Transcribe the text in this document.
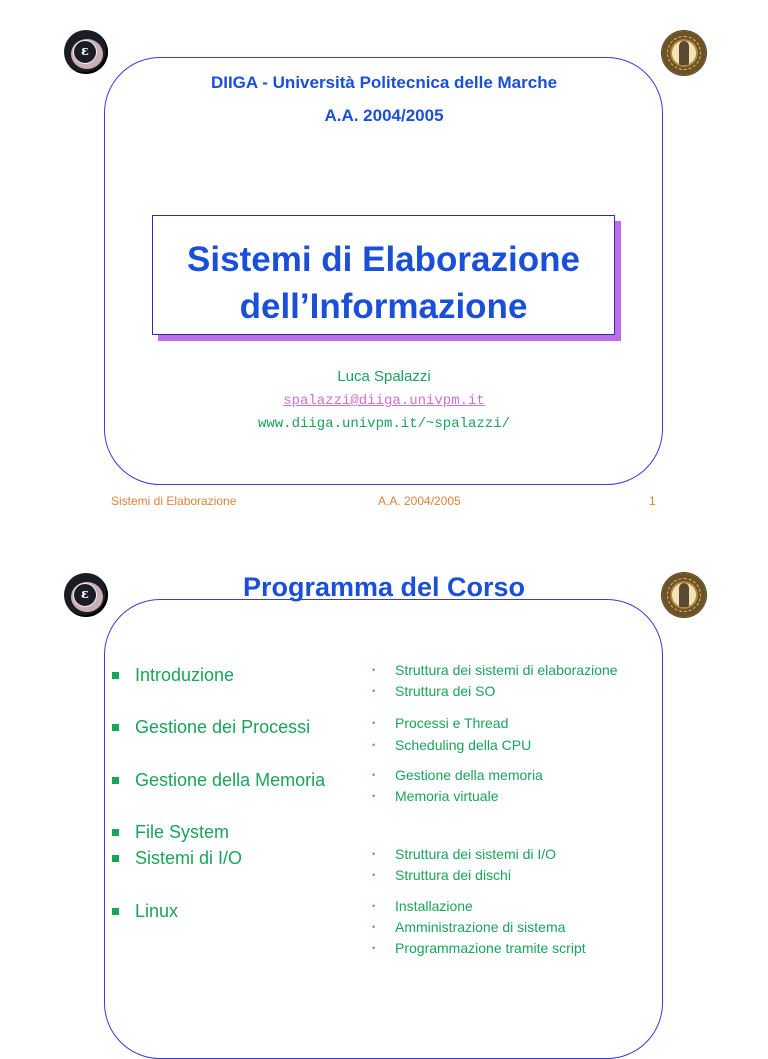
ε
DIIGA - Università Politecnica delle Marche
A.A. 2004/2005
Sistemi di Elaborazione
dell’Informazione
Luca Spalazzi
spalazzi@diiga.univpm.it
www.diiga.univpm.it/~spalazzi/
Sistemi di Elaborazione	A.A. 2004/2005	1
ε	Programma del Corso
Introduzione
Gestione dei Processi
Gestione della Memoria
File System
Sistemi di I/O
Linux
•	Struttura dei sistemi di elaborazione
•	Struttura dei SO
•	Processi e Thread
•	Scheduling della CPU
•	Gestione della memoria
•	Memoria virtuale
•	Struttura dei sistemi di I/O
•	Struttura dei dischi
•	Installazione
•	Amministrazione di sistema
•	Programmazione tramite script
